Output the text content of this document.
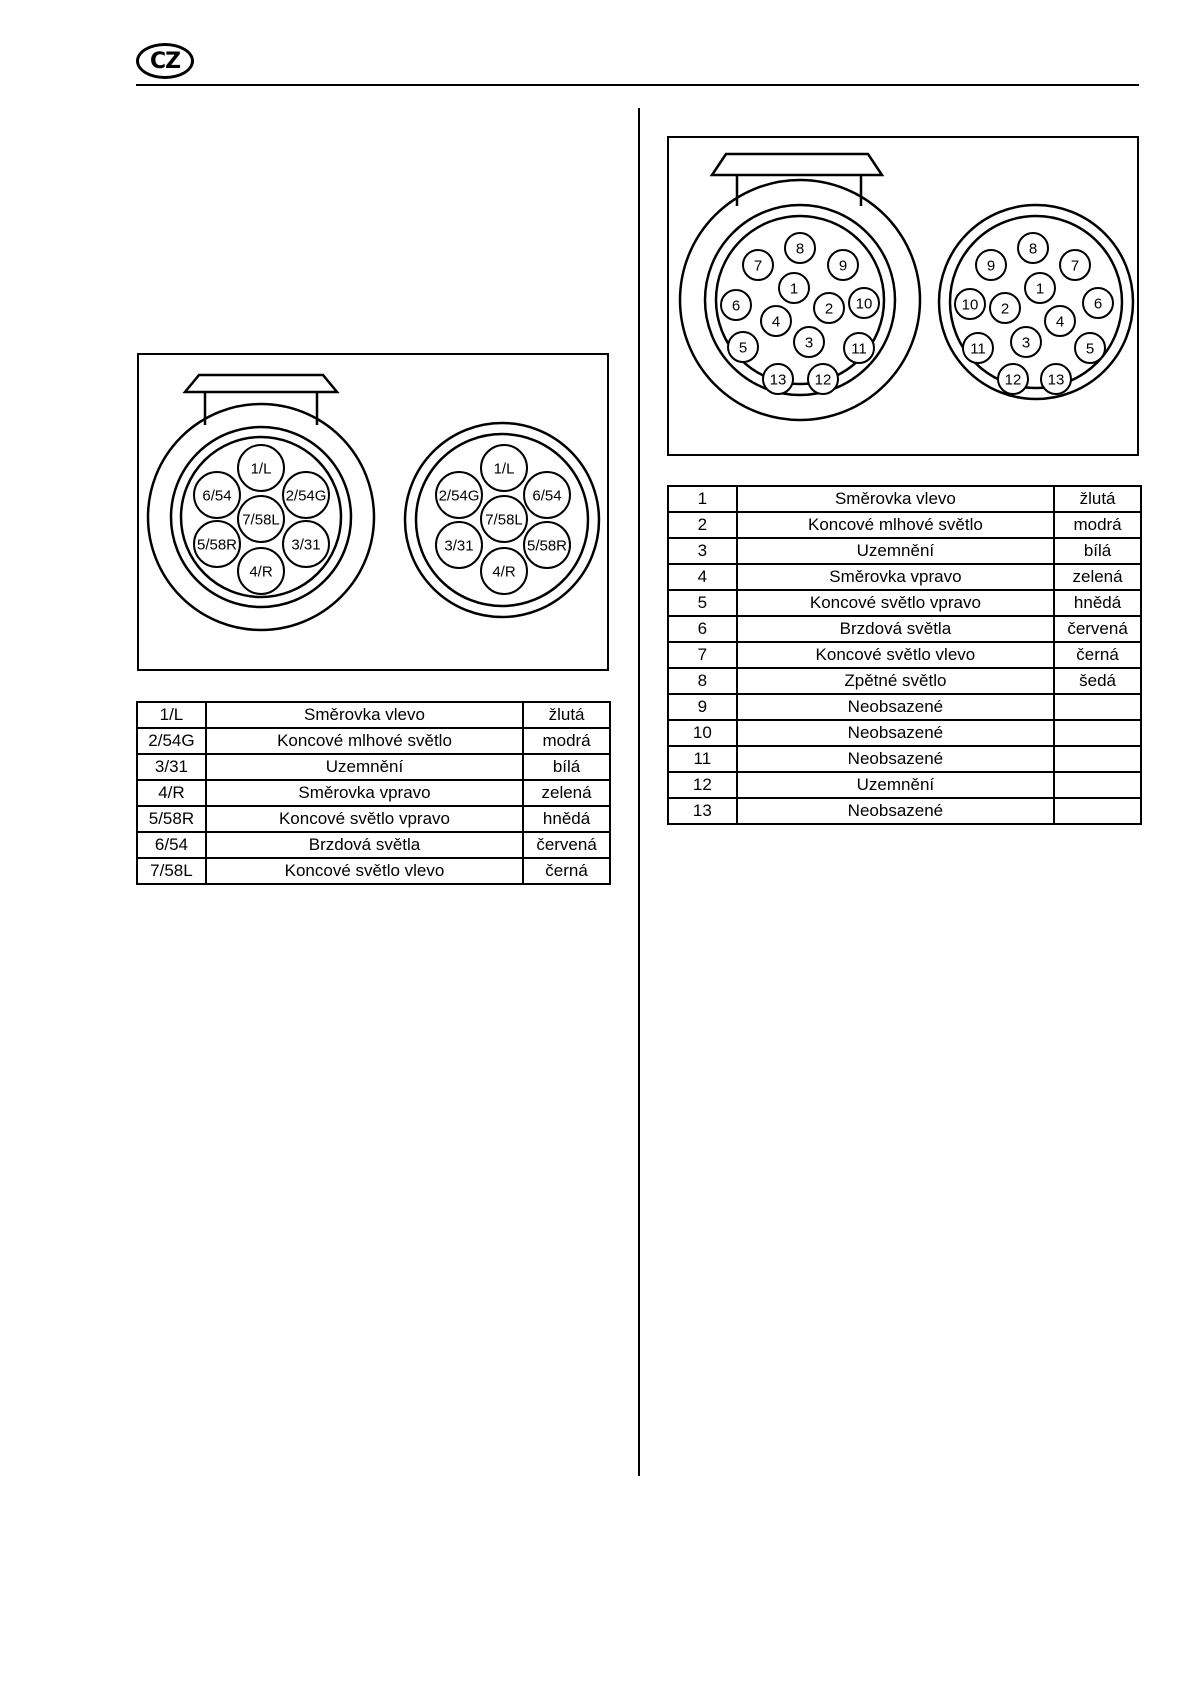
CZ
1/L
6/54	2/54G
7/58L
5/58R	3/31
4/R
1/L
2/54G	6/54
7/58L
3/31	5/58R
4/R
1/L	Směrovka vlevo	žlutá
2/54G	Koncové mlhové světlo	modrá
3/31	Uzemnění	bílá
4/R	Směrovka vpravo	zelená
5/58R	Koncové světlo vpravo	hnědá
6/54	Brzdová světla	červená
7/58L	Koncové světlo vlevo	černá
8
7	9
1
6	2 10
4
5	3	11
13 12
8
9	7
1
10 2	6
4
11 3	5
12 13
1	Směrovka vlevo	žlutá
2	Koncové mlhové světlo	modrá
3	Uzemnění	bílá
4	Směrovka vpravo	zelená
5	Koncové světlo vpravo	hnědá
6	Brzdová světla	červená
7	Koncové světlo vlevo	černá
8	Zpětné světlo	šedá
9	Neobsazené	
10	Neobsazené	
11	Neobsazené	
12	Uzemnění	
13	Neobsazené	
